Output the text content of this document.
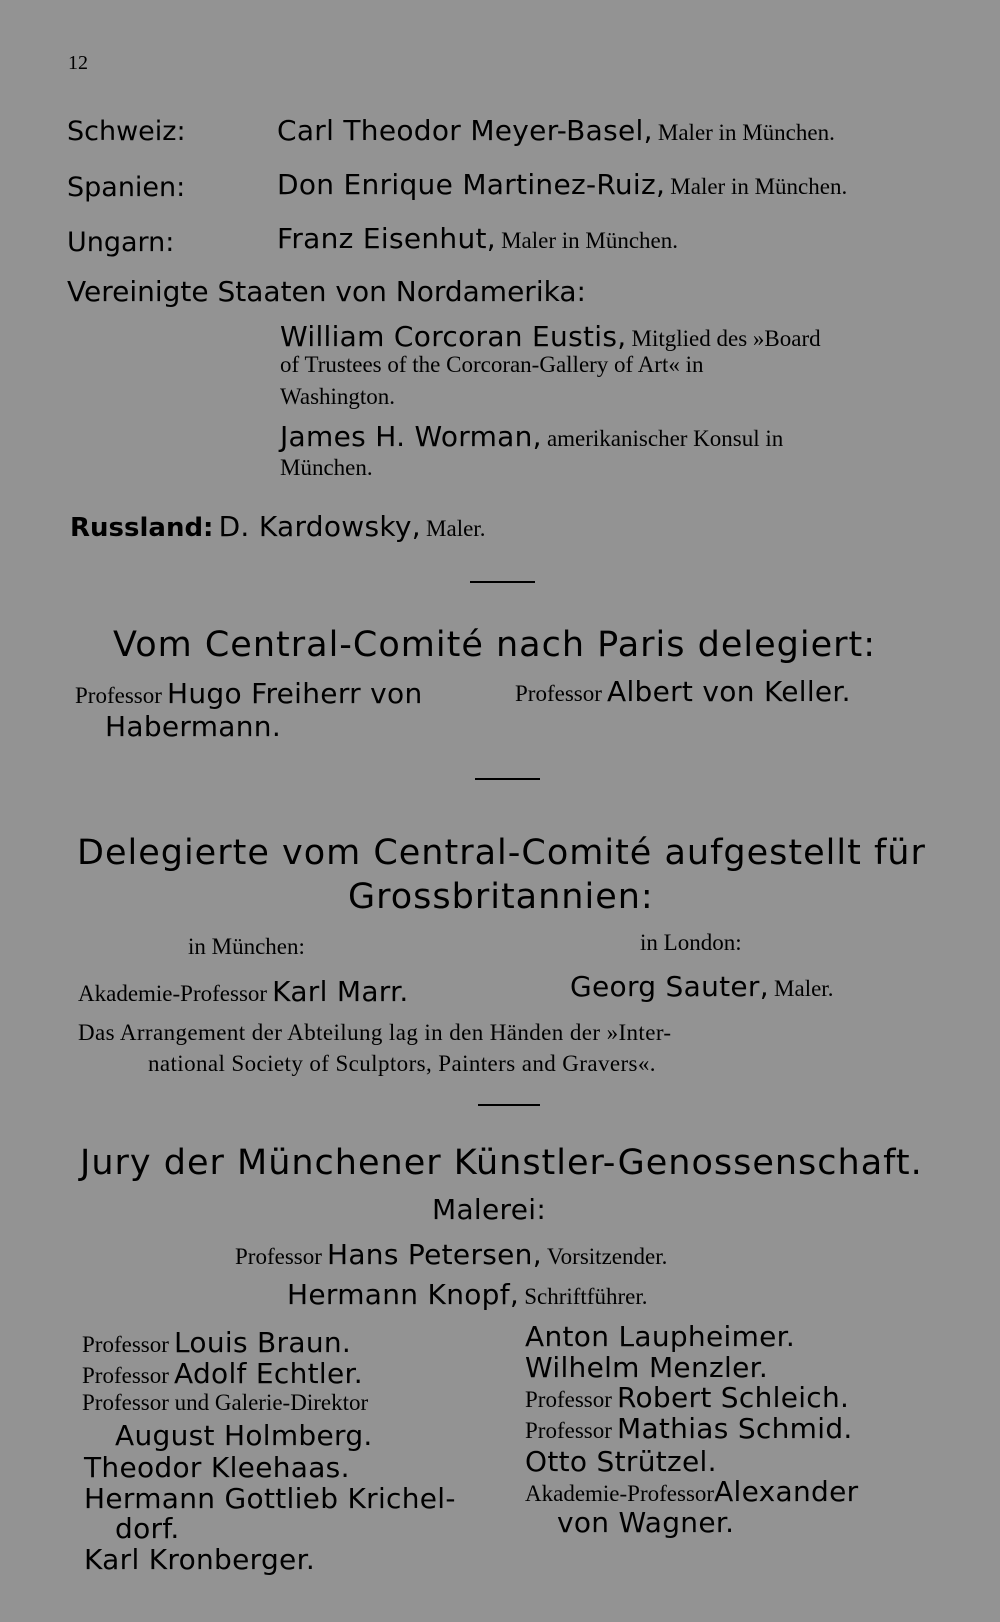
12
Schweiz:	Carl Theodor Meyer-Basel, Maler in München.
Spanien:	Don Enrique Martinez-Ruiz, Maler in München.
Ungarn:	Franz Eisenhut, Maler in München.
Vereinigte Staaten von Nordamerika:
William Corcoran Eustis, Mitglied des »Board
of Trustees of the Corcoran-Gallery of Art« in
Washington.
James H. Worman, amerikanischer Konsul in
München.
Russland: D. Kardowsky, Maler.
Vom Central-Comité nach Paris delegiert:
Professor Hugo Freiherr von
Habermann.
Professor Albert von Keller.
Delegierte vom Central-Comité aufgestellt für
Grossbritannien:
in München:	in London:
Akademie-Professor Karl Marr.	Georg Sauter, Maler.
Das Arrangement der Abteilung lag in den Händen der »Inter-
national Society of Sculptors, Painters and Gravers«.
Jury der Münchener Künstler-Genossenschaft.
Malerei:
Professor Hans Petersen, Vorsitzender.
Hermann Knopf, Schriftführer.
Professor Louis Braun.
Professor Adolf Echtler.
Professor und Galerie-Direktor
August Holmberg.
Theodor Kleehaas.
Hermann Gottlieb Krichel-
dorf.
Karl Kronberger.
Anton Laupheimer.
Wilhelm Menzler.
Professor Robert Schleich.
Professor Mathias Schmid.
Otto Strützel.
Akademie-ProfessorAlexander
von Wagner.
